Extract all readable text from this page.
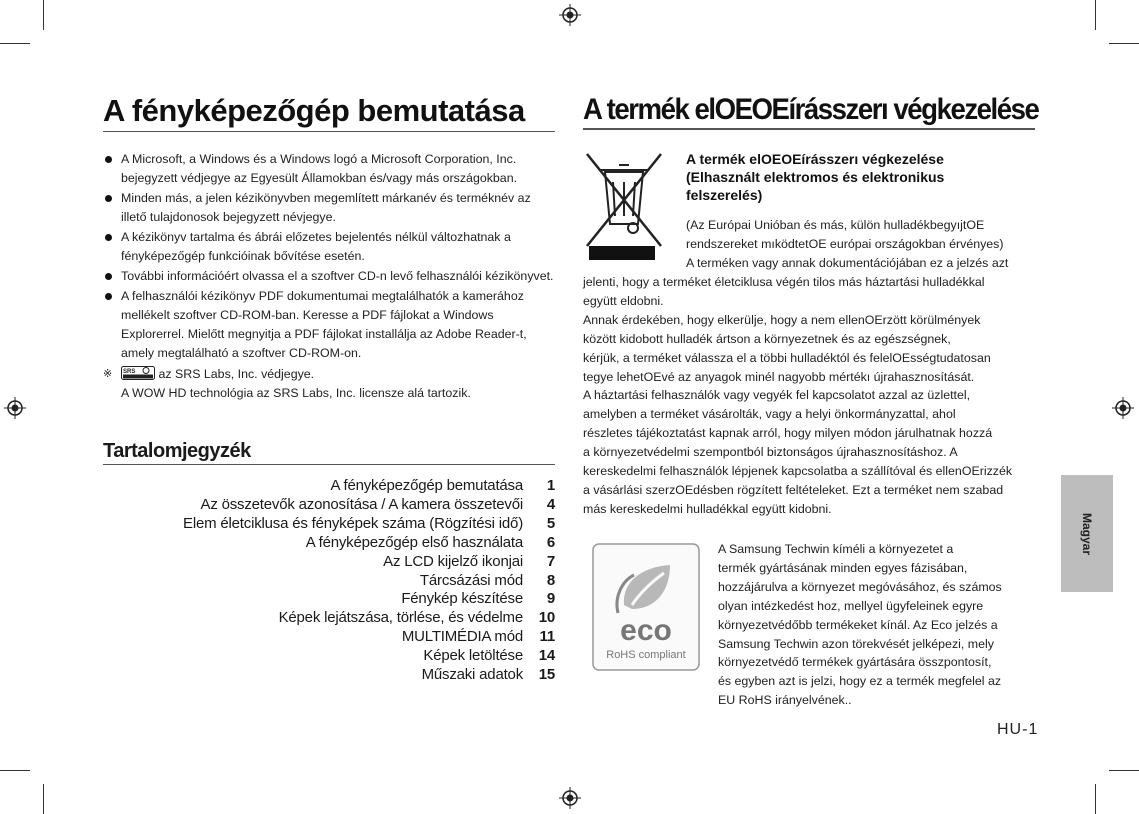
A fényképezőgép bemutatása
A Microsoft, a Windows és a Windows logó a Microsoft Corporation, Inc. bejegyzett védjegye az Egyesült Államokban és/vagy más országokban.
Minden más, a jelen kézikönyvben megemlített márkanév és terméknév az illető tulajdonosok bejegyzett névjegye.
A kézikönyv tartalma és ábrái előzetes bejelentés nélkül változhatnak a fényképezőgép funkcióinak bővítése esetén.
További információért olvassa el a szoftver CD-n levő felhasználói kézikönyvet.
A felhasználói kézikönyv PDF dokumentumai megtalálhatók a kamerához mellékelt szoftver CD-ROM-ban. Keresse a PDF fájlokat a Windows Explorerrel. Mielőtt megnyitja a PDF fájlokat installálja az Adobe Reader-t, amely megtalálható a szoftver CD-ROM-on.
※ SRS az SRS Labs, Inc. védjegye.
A WOW HD technológia az SRS Labs, Inc. licensze alá tartozik.
Tartalomjegyzék
A fényképezőgép bemutatása	1
Az összetevők azonosítása / A kamera összetevői	4
Elem életciklusa és fényképek száma (Rögzítési idő)	5
A fényképezőgép első használata	6
Az LCD kijelző ikonjai	7
Tárcsázási mód	8
Fénykép készítése	9
Képek lejátszása, törlése, és védelme	10
MULTIMÉDIA mód	11
Képek letöltése	14
Műszaki adatok	15
A termék elOEOEírásszerı végkezelése
A termék elOEOEírásszerı végkezelése
(Elhasznált elektromos és elektronikus
felszerelés)
(Az Európai Unióban és más, külön hulladékbegyıjtOE
rendszereket mıködtetOE európai országokban érvényes)
A terméken vagy annak dokumentációjában ez a jelzés azt
jelenti, hogy a terméket életciklusa végén tilos más háztartási hulladékkal
együtt eldobni.
Annak érdekében, hogy elkerülje, hogy a nem ellenOErzött körülmények
között kidobott hulladék ártson a környezetnek és az egészségnek,
kérjük, a terméket válassza el a többi hulladéktól és felelOEsségtudatosan
tegye lehetOEvé az anyagok minél nagyobb mértékı újrahasznosítását.
A háztartási felhasználók vagy vegyék fel kapcsolatot azzal az üzlettel,
amelyben a terméket vásárolták, vagy a helyi önkormányzattal, ahol
részletes tájékoztatást kapnak arról, hogy milyen módon járulhatnak hozzá
a környezetvédelmi szempontból biztonságos újrahasznosításhoz. A
kereskedelmi felhasználók lépjenek kapcsolatba a szállítóval és ellenOErizzék
a vásárlási szerzOEdésben rögzített feltételeket. Ezt a terméket nem szabad
más kereskedelmi hulladékkal együtt kidobni.
eco
RoHS compliant
A Samsung Techwin kíméli a környezetet a
termék gyártásának minden egyes fázisában,
hozzájárulva a környezet megóvásához, és számos
olyan intézkedést hoz, mellyel ügyfeleinek egyre
környezetvédőbb termékeket kínál. Az Eco jelzés a
Samsung Techwin azon törekvését jelképezi, mely
környezetvédő termékek gyártására összpontosít,
és egyben azt is jelzi, hogy ez a termék megfelel az
EU RoHS irányelvének..
Magyar
HU-1
